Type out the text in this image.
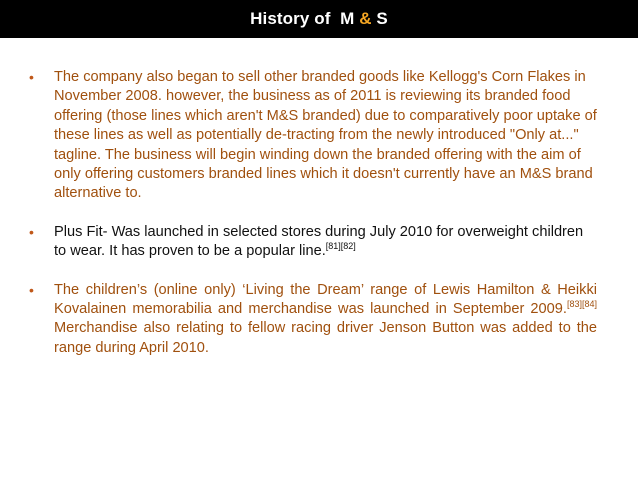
History of  M & S
• The company also began to sell other branded goods like Kellogg's Corn Flakes in November 2008. however, the business as of 2011 is reviewing its branded food offering (those lines which aren't M&S branded) due to comparatively poor uptake of these lines as well as potentially de-tracting from the newly introduced "Only at..." tagline. The business will begin winding down the branded offering with the aim of only offering customers branded lines which it doesn't currently have an M&S brand alternative to.
• Plus Fit- Was launched in selected stores during July 2010 for overweight children to wear. It has proven to be a popular line.[81][82]
• The children’s (online only) ‘Living the Dream’ range of Lewis Hamilton & Heikki Kovalainen memorabilia and merchandise was launched in September 2009.[83][84] Merchandise also relating to fellow racing driver Jenson Button was added to the range during April 2010.
